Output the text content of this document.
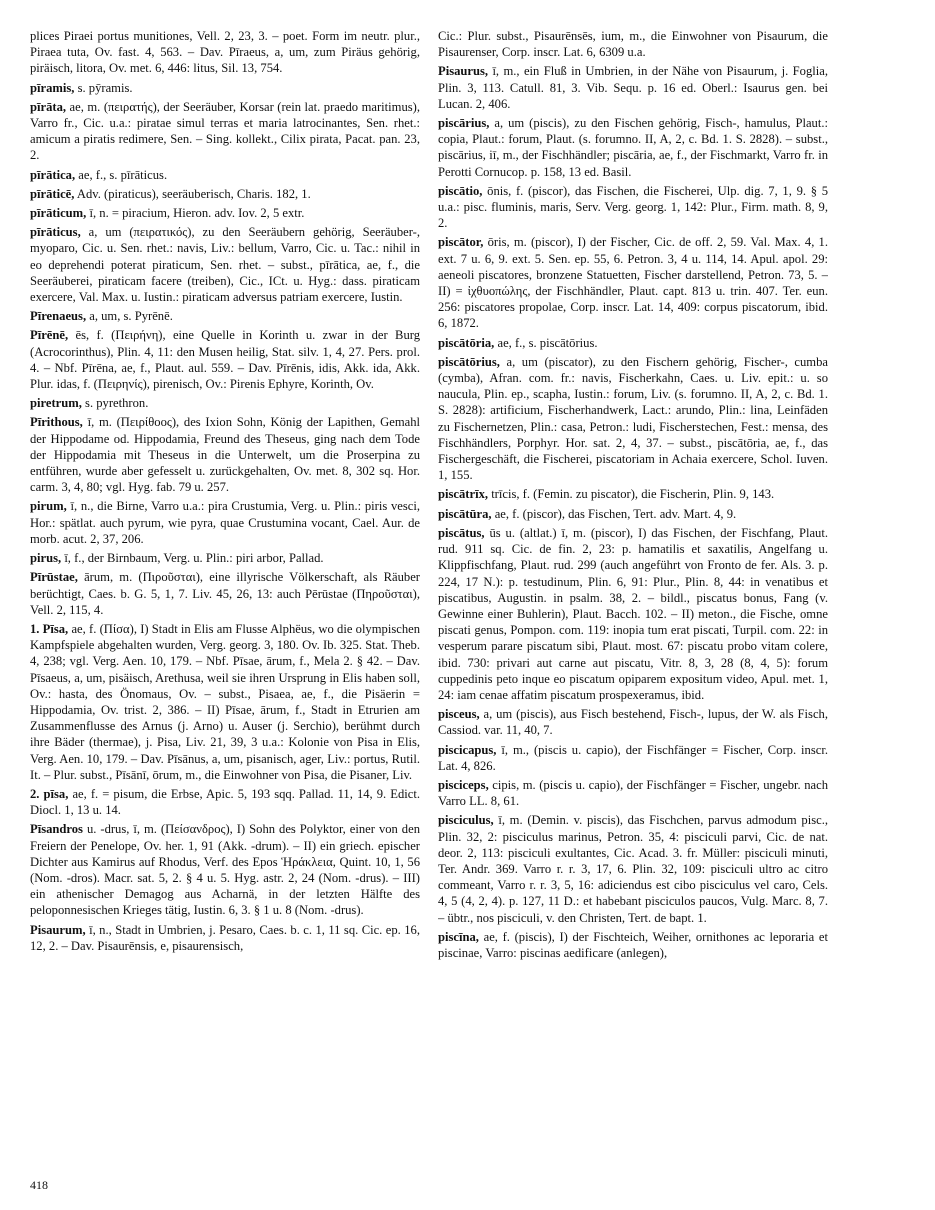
plices Piraei portus munitiones, Vell. 2, 23, 3. – poet. Form im neutr. plur., Piraea tuta, Ov. fast. 4, 563. – Dav. Pīraeus, a, um, zum Piräus gehörig, piräisch, litora, Ov. met. 6, 446: litus, Sil. 13, 754.
pīramis, s. pȳramis.
pīrāta, ae, m. (πειρατής), der Seeräuber, Korsar (rein lat. praedo maritimus), Varro fr., Cic. u.a.: piratae simul terras et maria latrocinantes, Sen. rhet.: amicum a piratis redimere, Sen. – Sing. kollekt., Cilix pirata, Pacat. pan. 23, 2.
pīrātica, ae, f., s. pīrāticus.
pīrāticē, Adv. (piraticus), seeräuberisch, Charis. 182, 1.
pīrāticum, ī, n. = piracium, Hieron. adv. Iov. 2, 5 extr.
pīrāticus, a, um (πειρατικός), zu den Seeräubern gehörig, Seeräuber-, myoparo, Cic. u. Sen. rhet.: navis, Liv.: bellum, Varro, Cic. u. Tac.: nihil in eo deprehendi poterat piraticum, Sen. rhet. – subst., pīrātica, ae, f., die Seeräuberei, piraticam facere (treiben), Cic., ICt. u. Hyg.: dass. piraticam exercere, Val. Max. u. Iustin.: piraticam adversus patriam exercere, Iustin.
Pīrenaeus, a, um, s. Pyrēnē.
Pīrēnē, ēs, f. (Πειρήνη), eine Quelle in Korinth u. zwar in der Burg (Acrocorinthus), Plin. 4, 11: den Musen heilig, Stat. silv. 1, 4, 27. Pers. prol. 4. – Nbf. Pīrēna, ae, f., Plaut. aul. 559. – Dav. Pīrēnis, idis, Akk. ida, Akk. Plur. idas, f. (Πειρηνίς), pirenisch, Ov.: Pirenis Ephyre, Korinth, Ov.
piretrum, s. pyrethron.
Pīrithous, ī, m. (Πειρίθοος), des Ixion Sohn, König der Lapithen, Gemahl der Hippodame od. Hippodamia, Freund des Theseus, ging nach dem Tode der Hippodamia mit Theseus in die Unterwelt, um die Proserpina zu entführen, wurde aber gefesselt u. zurückgehalten, Ov. met. 8, 302 sq. Hor. carm. 3, 4, 80; vgl. Hyg. fab. 79 u. 257.
pirum, ī, n., die Birne, Varro u.a.: pira Crustumia, Verg. u. Plin.: piris vesci, Hor.: spätlat. auch pyrum, wie pyra, quae Crustumina vocant, Cael. Aur. de morb. acut. 2, 37, 206.
pirus, ī, f., der Birnbaum, Verg. u. Plin.: piri arbor, Pallad.
Pīrūstae, ārum, m. (Πιροῦσται), eine illyrische Völkerschaft, als Räuber berüchtigt, Caes. b. G. 5, 1, 7. Liv. 45, 26, 13: auch Pērūstae (Πηροῦσται), Vell. 2, 115, 4.
1. Pīsa, ae, f. (Πίσα), I) Stadt in Elis am Flusse Alphëus, wo die olympischen Kampfspiele abgehalten wurden, Verg. georg. 3, 180. Ov. Ib. 325. Stat. Theb. 4, 238; vgl. Verg. Aen. 10, 179. – Nbf. Pīsae, ārum, f., Mela 2. § 42. – Dav. Pīsaeus, a, um, pisäisch, Arethusa, weil sie ihren Ursprung in Elis haben soll, Ov.: hasta, des Önomaus, Ov. – subst., Pisaea, ae, f., die Pisäerin = Hippodamia, Ov. trist. 2, 386. – II) Pīsae, ārum, f., Stadt in Etrurien am Zusammenflusse des Arnus (j. Arno) u. Auser (j. Serchio), berühmt durch ihre Bäder (thermae), j. Pisa, Liv. 21, 39, 3 u.a.: Kolonie von Pisa in Elis, Verg. Aen. 10, 179. – Dav. Pīsānus, a, um, pisanisch, ager, Liv.: portus, Rutil. It. – Plur. subst., Pīsānī, ōrum, m., die Einwohner von Pisa, die Pisaner, Liv.
2. pīsa, ae, f. = pisum, die Erbse, Apic. 5, 193 sqq. Pallad. 11, 14, 9. Edict. Diocl. 1, 13 u. 14.
Pīsandros u. -drus, ī, m. (Πείσανδρος), I) Sohn des Polyktor, einer von den Freiern der Penelope, Ov. her. 1, 91 (Akk. -drum). – II) ein griech. epischer Dichter aus Kamirus auf Rhodus, Verf. des Epos Ἡράκλεια, Quint. 10, 1, 56 (Nom. -dros). Macr. sat. 5, 2. § 4 u. 5. Hyg. astr. 2, 24 (Nom. -drus). – III) ein athenischer Demagog aus Acharnä, in der letzten Hälfte des peloponnesischen Krieges tätig, Iustin. 6, 3. § 1 u. 8 (Nom. -drus).
Pisaurum, ī, n., Stadt in Umbrien, j. Pesaro, Caes. b. c. 1, 11 sq. Cic. ep. 16, 12, 2. – Dav. Pisaurēnsis, e, pisaurensisch,
Cic.: Plur. subst., Pisaurēnsēs, ium, m., die Einwohner von Pisaurum, die Pisaurenser, Corp. inscr. Lat. 6, 6309 u.a.
Pisaurus, ī, m., ein Fluß in Umbrien, in der Nähe von Pisaurum, j. Foglia, Plin. 3, 113. Catull. 81, 3. Vib. Sequ. p. 16 ed. Oberl.: Isaurus gen. bei Lucan. 2, 406.
piscārius, a, um (piscis), zu den Fischen gehörig, Fisch-, hamulus, Plaut.: copia, Plaut.: forum, Plaut. (s. forumno. II, A, 2, c. Bd. 1. S. 2828). – subst., piscārius, iī, m., der Fischhändler; piscāria, ae, f., der Fischmarkt, Varro fr. in Perotti Cornucop. p. 158, 13 ed. Basil.
piscātio, ōnis, f. (piscor), das Fischen, die Fischerei, Ulp. dig. 7, 1, 9. § 5 u.a.: pisc. fluminis, maris, Serv. Verg. georg. 1, 142: Plur., Firm. math. 8, 9, 2.
piscātor, ōris, m. (piscor), I) der Fischer, Cic. de off. 2, 59. Val. Max. 4, 1. ext. 7 u. 6, 9. ext. 5. Sen. ep. 55, 6. Petron. 3, 4 u. 114, 14. Apul. apol. 29: aeneoli piscatores, bronzene Statuetten, Fischer darstellend, Petron. 73, 5. – II) = ἰχθυοπώλης, der Fischhändler, Plaut. capt. 813 u. trin. 407. Ter. eun. 256: piscatores propolae, Corp. inscr. Lat. 14, 409: corpus piscatorum, ibid. 6, 1872.
piscātōria, ae, f., s. piscātōrius.
piscātōrius, a, um (piscator), zu den Fischern gehörig, Fischer-, cumba (cymba), Afran. com. fr.: navis, Fischerkahn, Caes. u. Liv. epit.: u. so naucula, Plin. ep., scapha, Iustin.: forum, Liv. (s. forumno. II, A, 2, c. Bd. 1. S. 2828): artificium, Fischerhandwerk, Lact.: arundo, Plin.: lina, Leinfäden zu Fischernetzen, Plin.: casa, Petron.: ludi, Fischerstechen, Fest.: mensa, des Fischhändlers, Porphyr. Hor. sat. 2, 4, 37. – subst., piscātōria, ae, f., das Fischergeschäft, die Fischerei, piscatoriam in Achaia exercere, Schol. Iuven. 1, 155.
piscātrīx, trīcis, f. (Femin. zu piscator), die Fischerin, Plin. 9, 143.
piscātūra, ae, f. (piscor), das Fischen, Tert. adv. Mart. 4, 9.
piscātus, ūs u. (altlat.) ī, m. (piscor), I) das Fischen, der Fischfang, Plaut. rud. 911 sq. Cic. de fin. 2, 23: p. hamatilis et saxatilis, Angelfang u. Klippfischfang, Plaut. rud. 299 (auch angeführt von Fronto de fer. Als. 3. p. 224, 17 N.): p. testudinum, Plin. 6, 91: Plur., Plin. 8, 44: in venatibus et piscatibus, Augustin. in psalm. 38, 2. – bildl., piscatus bonus, Fang (v. Gewinne einer Buhlerin), Plaut. Bacch. 102. – II) meton., die Fische, omne piscati genus, Pompon. com. 119: inopia tum erat piscati, Turpil. com. 22: in vesperum parare piscatum sibi, Plaut. most. 67: piscatu probo vitam colere, ibid. 730: privari aut carne aut piscatu, Vitr. 8, 3, 28 (8, 4, 5): forum cuppedinis peto inque eo piscatum opiparem expositum video, Apul. met. 1, 24: iam cenae affatim piscatum prospexeramus, ibid.
piscеus, a, um (piscis), aus Fisch bestehend, Fisch-, lupus, der W. als Fisch, Cassiod. var. 11, 40, 7.
piscicapus, ī, m., (piscis u. capio), der Fischfänger = Fischer, Corp. inscr. Lat. 4, 826.
pisciceps, cipis, m. (piscis u. capio), der Fischfänger = Fischer, ungebr. nach Varro LL. 8, 61.
pisciculus, ī, m. (Demin. v. piscis), das Fischchen, parvus admodum pisc., Plin. 32, 2: pisciculus marinus, Petron. 35, 4: pisciculi parvi, Cic. de nat. deor. 2, 113: pisciculi exultantes, Cic. Acad. 3. fr. Müller: pisciculi minuti, Ter. Andr. 369. Varro r. r. 3, 17, 6. Plin. 32, 109: pisciculi ultro ac citro commeant, Varro r. r. 3, 5, 16: adiciendus est cibo pisciculus vel caro, Cels. 4, 5 (4, 2, 4). p. 127, 11 D.: et habebant pisciculos paucos, Vulg. Marc. 8, 7. – übtr., nos pisciculi, v. den Christen, Tert. de bapt. 1.
piscīna, ae, f. (piscis), I) der Fischteich, Weiher, ornithones ac leporaria et piscinae, Varro: piscinas aedificare (anlegen),
418
